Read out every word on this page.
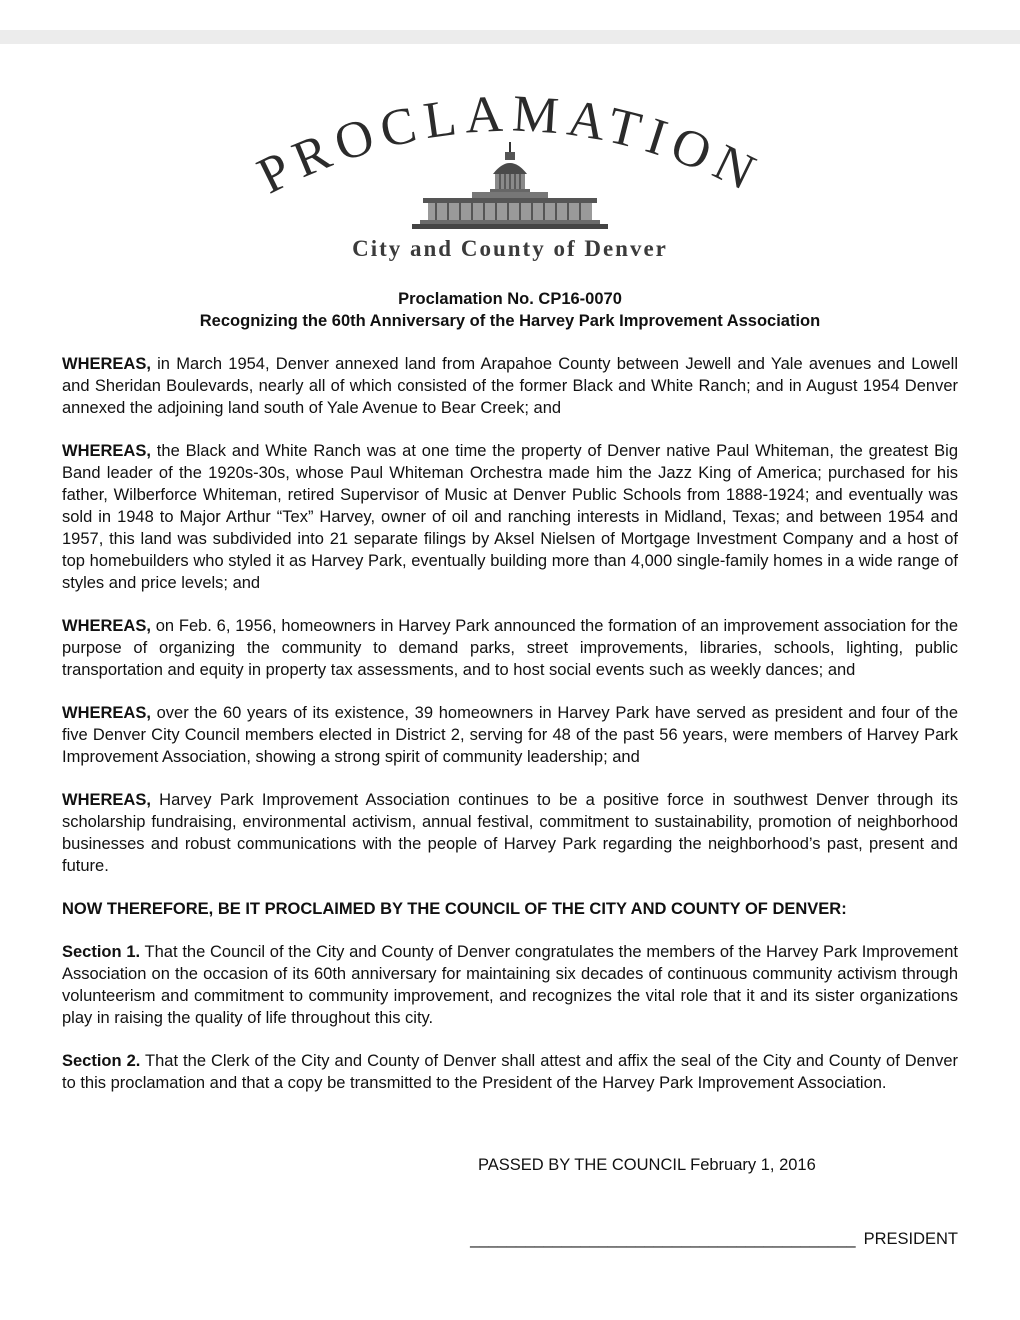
PROCLAMATION
City and County of Denver
Proclamation No. CP16-0070
Recognizing the 60th Anniversary of the Harvey Park Improvement Association

WHEREAS, in March 1954, Denver annexed land from Arapahoe County between Jewell and Yale avenues and Lowell and Sheridan Boulevards, nearly all of which consisted of the former Black and White Ranch; and in August 1954 Denver annexed the adjoining land south of Yale Avenue to Bear Creek; and

WHEREAS, the Black and White Ranch was at one time the property of Denver native Paul Whiteman, the greatest Big Band leader of the 1920s-30s, whose Paul Whiteman Orchestra made him the Jazz King of America; purchased for his father, Wilberforce Whiteman, retired Supervisor of Music at Denver Public Schools from 1888-1924; and eventually was sold in 1948 to Major Arthur “Tex” Harvey, owner of oil and ranching interests in Midland, Texas; and between 1954 and 1957, this land was subdivided into 21 separate filings by Aksel Nielsen of Mortgage Investment Company and a host of top homebuilders who styled it as Harvey Park, eventually building more than 4,000 single-family homes in a wide range of styles and price levels; and

WHEREAS, on Feb. 6, 1956, homeowners in Harvey Park announced the formation of an improvement association for the purpose of organizing the community to demand parks, street improvements, libraries, schools, lighting, public transportation and equity in property tax assessments, and to host social events such as weekly dances; and

WHEREAS, over the 60 years of its existence, 39 homeowners in Harvey Park have served as president and four of the five Denver City Council members elected in District 2, serving for 48 of the past 56 years, were members of Harvey Park Improvement Association, showing a strong spirit of community leadership; and

WHEREAS, Harvey Park Improvement Association continues to be a positive force in southwest Denver through its scholarship fundraising, environmental activism, annual festival, commitment to sustainability, promotion of neighborhood businesses and robust communications with the people of Harvey Park regarding the neighborhood’s past, present and future.

NOW THEREFORE, BE IT PROCLAIMED BY THE COUNCIL OF THE CITY AND COUNTY OF DENVER:

Section 1. That the Council of the City and County of Denver congratulates the members of the Harvey Park Improvement Association on the occasion of its 60th anniversary for maintaining six decades of continuous community activism through volunteerism and commitment to community improvement, and recognizes the vital role that it and its sister organizations play in raising the quality of life throughout this city.

Section 2. That the Clerk of the City and County of Denver shall attest and affix the seal of the City and County of Denver to this proclamation and that a copy be transmitted to the President of the Harvey Park Improvement Association.

PASSED BY THE COUNCIL February 1, 2016
__________________________________________ PRESIDENT
